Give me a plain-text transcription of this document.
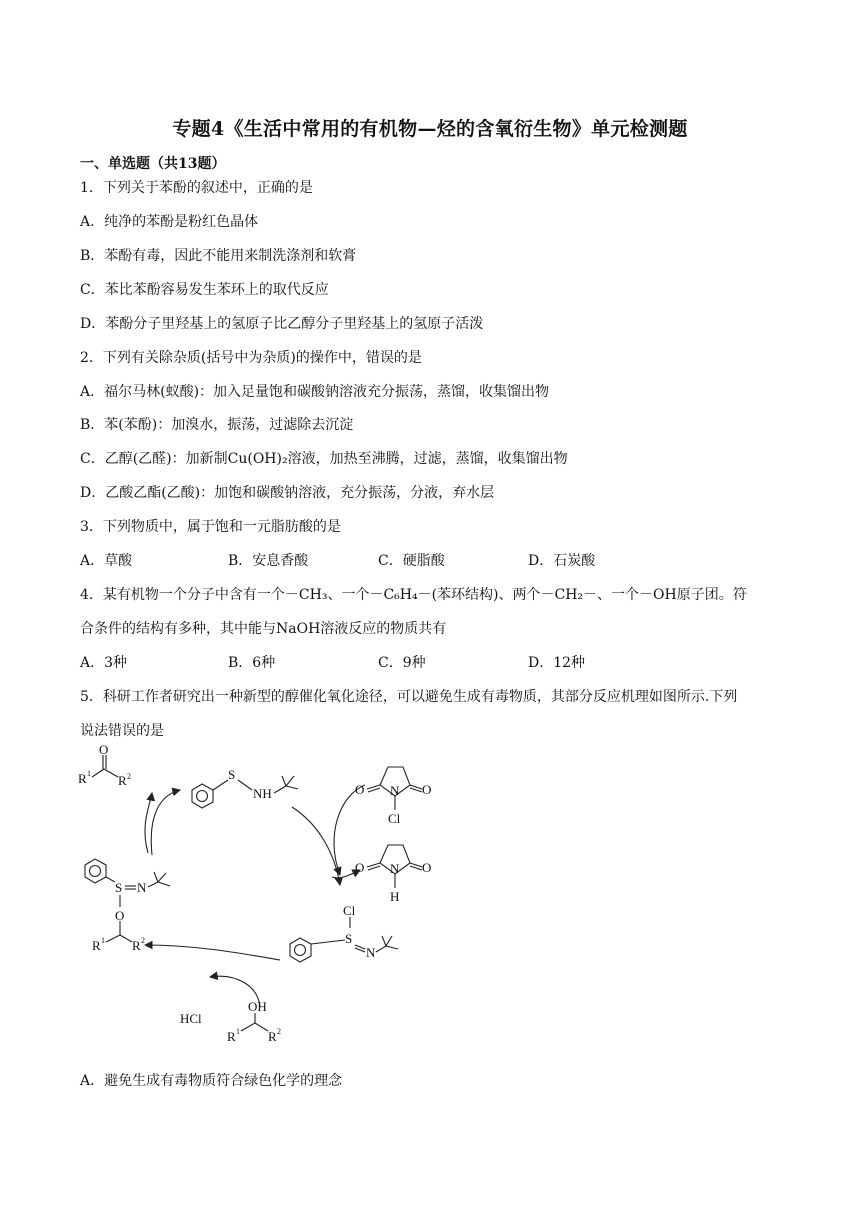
专题4《生活中常用的有机物—烃的含氧衍生物》单元检测题
一、单选题（共13题）
1．下列关于苯酚的叙述中，正确的是
A．纯净的苯酚是粉红色晶体
B．苯酚有毒，因此不能用来制洗涤剂和软膏
C．苯比苯酚容易发生苯环上的取代反应
D．苯酚分子里羟基上的氢原子比乙醇分子里羟基上的氢原子活泼
2．下列有关除杂质(括号中为杂质)的操作中，错误的是
A．福尔马林(蚁酸)：加入足量饱和碳酸钠溶液充分振荡，蒸馏，收集馏出物
B．苯(苯酚)：加溴水，振荡，过滤除去沉淀
C．乙醇(乙醛)：加新制Cu(OH)₂溶液，加热至沸腾，过滤，蒸馏，收集馏出物
D．乙酸乙酯(乙酸)：加饱和碳酸钠溶液，充分振荡，分液，弃水层
3．下列物质中，属于饱和一元脂肪酸的是
A．草酸	B．安息香酸	C．硬脂酸	D．石炭酸
4．某有机物一个分子中含有一个－CH₃、一个－C₆H₄－(苯环结构)、两个－CH₂－、一个－OH原子团。符
合条件的结构有多种，其中能与NaOH溶液反应的物质共有
A．3种	B．6种	C．9种	D．12种
5．科研工作者研究出一种新型的醇催化氧化途径，可以避免生成有毒物质，其部分反应机理如图所示.下列
说法错误的是
R 1 R 2
O
S
NH	O N O
Cl
O N O
H
S N
O
R 1 R 2
Cl
S
N
HCl
OH
R 1 R 2
A．避免生成有毒物质符合绿色化学的理念
